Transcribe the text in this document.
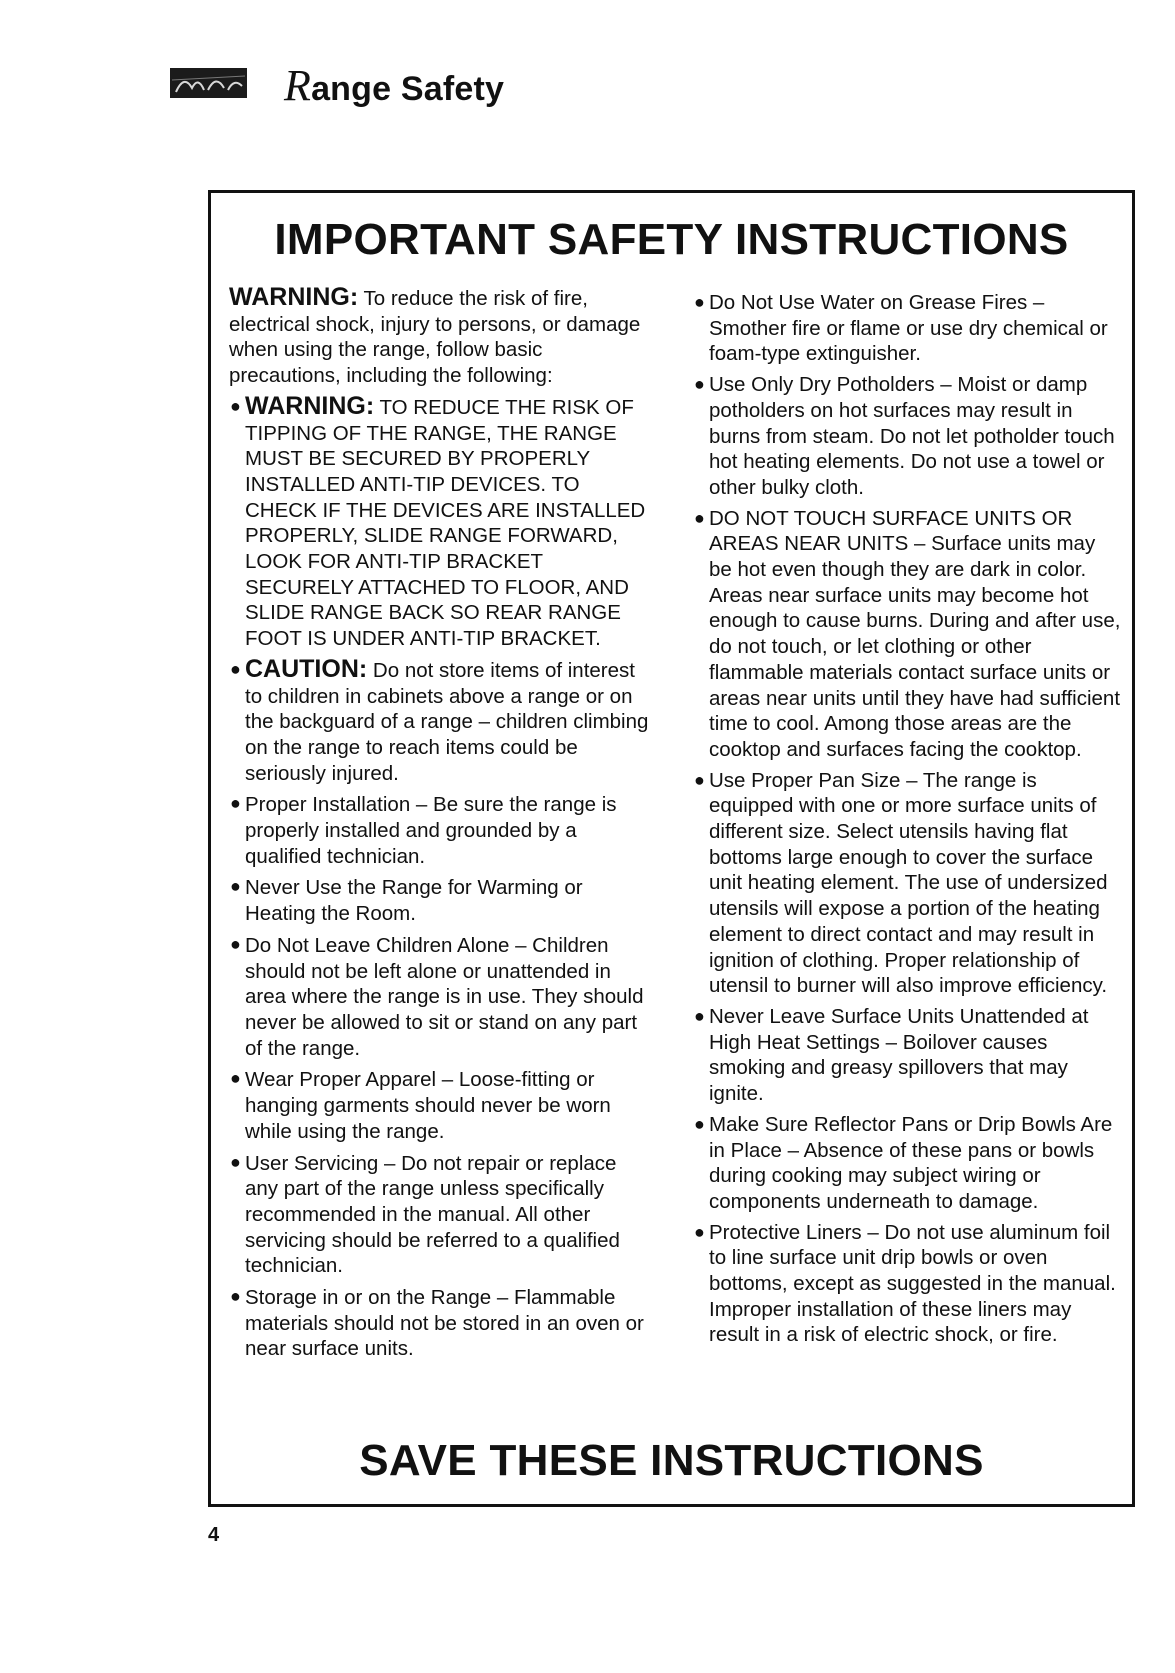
Range Safety
IMPORTANT SAFETY INSTRUCTIONS
WARNING: To reduce the risk of fire, electrical shock, injury to persons, or damage when using the range, follow basic precautions, including the following:
● WARNING: TO REDUCE THE RISK OF TIPPING OF THE RANGE, THE RANGE MUST BE SECURED BY PROPERLY INSTALLED ANTI-TIP DEVICES. TO CHECK IF THE DEVICES ARE INSTALLED PROPERLY, SLIDE RANGE FORWARD, LOOK FOR ANTI-TIP BRACKET SECURELY ATTACHED TO FLOOR, AND SLIDE RANGE BACK SO REAR RANGE FOOT IS UNDER ANTI-TIP BRACKET.
● CAUTION: Do not store items of interest to children in cabinets above a range or on the backguard of a range – children climbing on the range to reach items could be seriously injured.
● Proper Installation – Be sure the range is properly installed and grounded by a qualified technician.
● Never Use the Range for Warming or Heating the Room.
● Do Not Leave Children Alone – Children should not be left alone or unattended in area where the range is in use. They should never be allowed to sit or stand on any part of the range.
● Wear Proper Apparel – Loose-fitting or hanging garments should never be worn while using the range.
● User Servicing – Do not repair or replace any part of the range unless specifically recommended in the manual. All other servicing should be referred to a qualified technician.
● Storage in or on the Range – Flammable materials should not be stored in an oven or near surface units.
● Do Not Use Water on Grease Fires – Smother fire or flame or use dry chemical or foam-type extinguisher.
● Use Only Dry Potholders – Moist or damp potholders on hot surfaces may result in burns from steam. Do not let potholder touch hot heating elements. Do not use a towel or other bulky cloth.
● DO NOT TOUCH SURFACE UNITS OR AREAS NEAR UNITS – Surface units may be hot even though they are dark in color. Areas near surface units may become hot enough to cause burns. During and after use, do not touch, or let clothing or other flammable materials contact surface units or areas near units until they have had sufficient time to cool. Among those areas are the cooktop and surfaces facing the cooktop.
● Use Proper Pan Size – The range is equipped with one or more surface units of different size. Select utensils having flat bottoms large enough to cover the surface unit heating element. The use of undersized utensils will expose a portion of the heating element to direct contact and may result in ignition of clothing. Proper relationship of utensil to burner will also improve efficiency.
● Never Leave Surface Units Unattended at High Heat Settings – Boilover causes smoking and greasy spillovers that may ignite.
● Make Sure Reflector Pans or Drip Bowls Are in Place – Absence of these pans or bowls during cooking may subject wiring or components underneath to damage.
● Protective Liners – Do not use aluminum foil to line surface unit drip bowls or oven bottoms, except as suggested in the manual. Improper installation of these liners may result in a risk of electric shock, or fire.
SAVE THESE INSTRUCTIONS
4
